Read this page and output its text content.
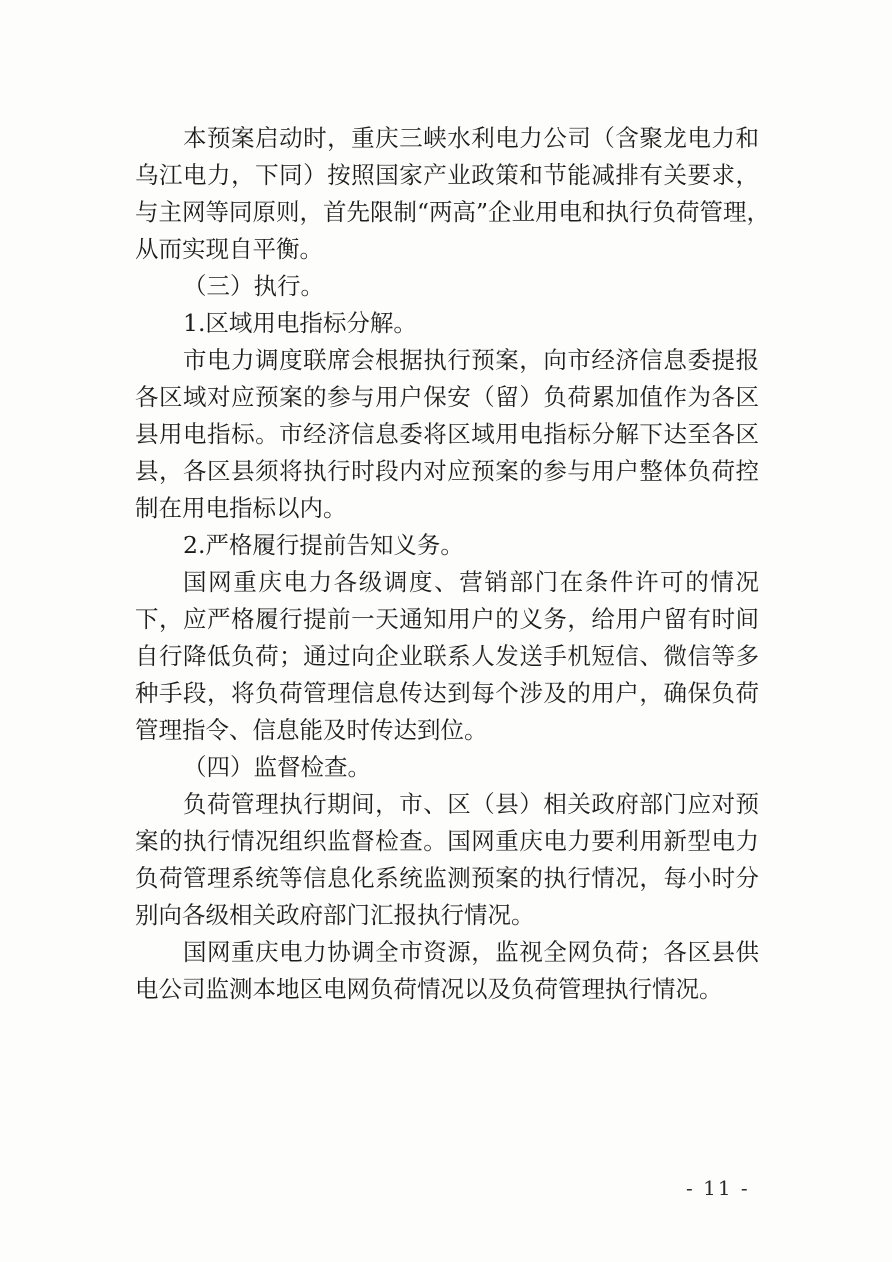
本预案启动时，重庆三峡水利电力公司（含聚龙电力和

乌江电力，下同）按照国家产业政策和节能减排有关要求，

与主网等同原则，首先限制“两高”企业用电和执行负荷管理，

从而实现自平衡。

（三）执行。

1.区域用电指标分解。

市电力调度联席会根据执行预案，向市经济信息委提报

各区域对应预案的参与用户保安（留）负荷累加值作为各区

县用电指标。市经济信息委将区域用电指标分解下达至各区

县，各区县须将执行时段内对应预案的参与用户整体负荷控

制在用电指标以内。

2.严格履行提前告知义务。

国网重庆电力各级调度、营销部门在条件许可的情况

下，应严格履行提前一天通知用户的义务，给用户留有时间

自行降低负荷；通过向企业联系人发送手机短信、微信等多

种手段，将负荷管理信息传达到每个涉及的用户，确保负荷

管理指令、信息能及时传达到位。

（四）监督检查。

负荷管理执行期间，市、区（县）相关政府部门应对预

案的执行情况组织监督检查。国网重庆电力要利用新型电力

负荷管理系统等信息化系统监测预案的执行情况，每小时分

别向各级相关政府部门汇报执行情况。

国网重庆电力协调全市资源，监视全网负荷；各区县供

电公司监测本地区电网负荷情况以及负荷管理执行情况。

- 11 -
